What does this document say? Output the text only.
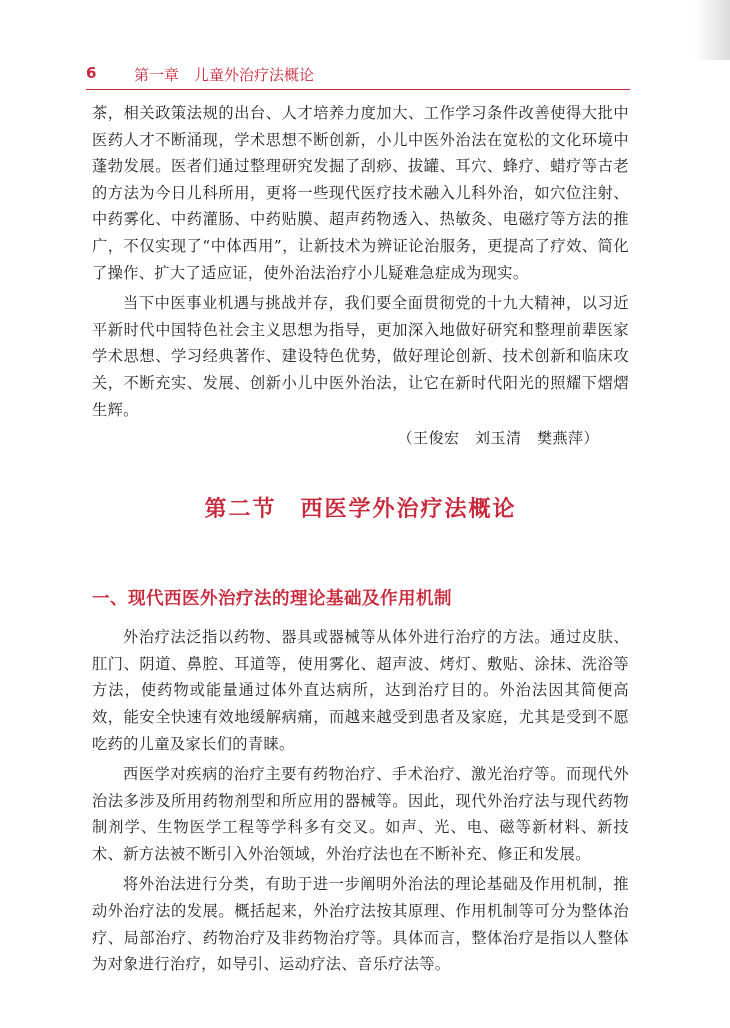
6	第一章　儿童外治疗法概论

茶，相关政策法规的出台、人才培养力度加大、工作学习条件改善使得大批中医药人才不断涌现，学术思想不断创新，小儿中医外治法在宽松的文化环境中蓬勃发展。医者们通过整理研究发掘了刮痧、拔罐、耳穴、蜂疗、蜡疗等古老的方法为今日儿科所用，更将一些现代医疗技术融入儿科外治，如穴位注射、中药雾化、中药灌肠、中药贴膜、超声药物透入、热敏灸、电磁疗等方法的推广，不仅实现了“中体西用”，让新技术为辨证论治服务，更提高了疗效、简化了操作、扩大了适应证，使外治法治疗小儿疑难急症成为现实。

当下中医事业机遇与挑战并存，我们要全面贯彻党的十九大精神，以习近平新时代中国特色社会主义思想为指导，更加深入地做好研究和整理前辈医家学术思想、学习经典著作、建设特色优势，做好理论创新、技术创新和临床攻关，不断充实、发展、创新小儿中医外治法，让它在新时代阳光的照耀下熠熠生辉。

（王俊宏　刘玉清　樊燕萍）
第二节　西医学外治疗法概论
一、现代西医外治疗法的理论基础及作用机制

外治疗法泛指以药物、器具或器械等从体外进行治疗的方法。通过皮肤、肛门、阴道、鼻腔、耳道等，使用雾化、超声波、烤灯、敷贴、涂抹、洗浴等方法，使药物或能量通过体外直达病所，达到治疗目的。外治法因其简便高效，能安全快速有效地缓解病痛，而越来越受到患者及家庭，尤其是受到不愿吃药的儿童及家长们的青睐。

西医学对疾病的治疗主要有药物治疗、手术治疗、激光治疗等。而现代外治法多涉及所用药物剂型和所应用的器械等。因此，现代外治疗法与现代药物制剂学、生物医学工程等学科多有交叉。如声、光、电、磁等新材料、新技术、新方法被不断引入外治领域，外治疗法也在不断补充、修正和发展。

将外治法进行分类，有助于进一步阐明外治法的理论基础及作用机制，推动外治疗法的发展。概括起来，外治疗法按其原理、作用机制等可分为整体治疗、局部治疗、药物治疗及非药物治疗等。具体而言，整体治疗是指以人整体为对象进行治疗，如导引、运动疗法、音乐疗法等。
